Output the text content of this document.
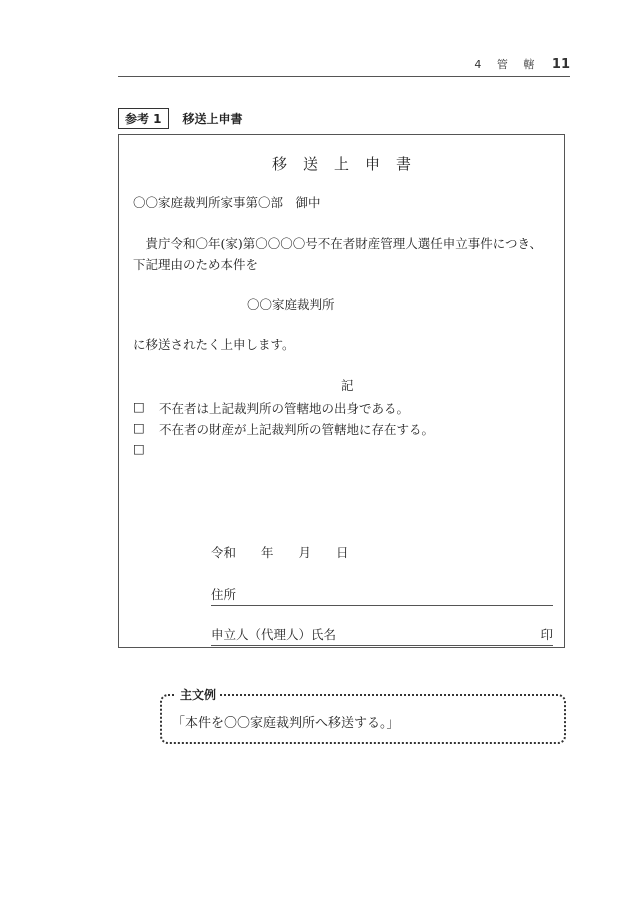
4 管 轄 11
参考 1	移送上申書
移送上申書
〇〇家庭裁判所家事第〇部　御中
　貴庁令和〇年(家)第〇〇〇〇号不在者財産管理人選任申立事件につき、下記理由のため本件を
〇〇家庭裁判所
に移送されたく上申します。
記
□	不在者は上記裁判所の管轄地の出身である。
□	不在者の財産が上記裁判所の管轄地に存在する。
□
令和　　年　　月　　日
住所
申立人（代理人）氏名	印
主文例
「本件を〇〇家庭裁判所へ移送する。」
